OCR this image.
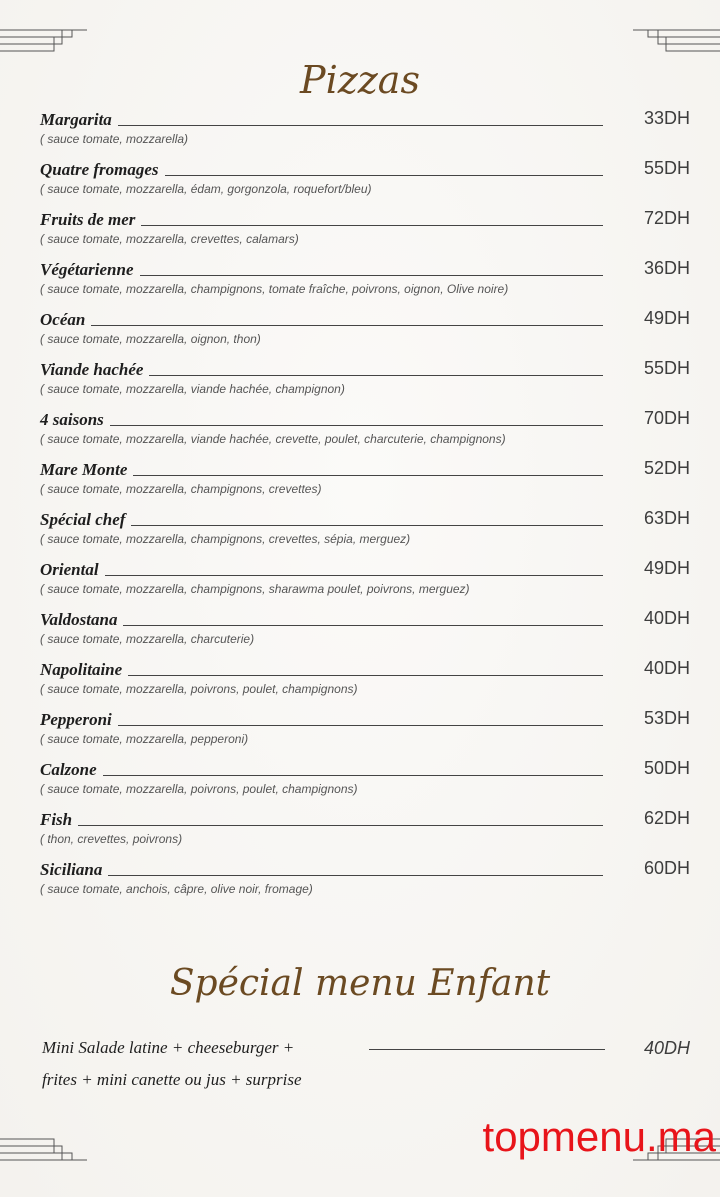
Pizzas
Margarita
( sauce tomate, mozzarella)
33DH
Quatre fromages
( sauce tomate, mozzarella, édam, gorgonzola, roquefort/bleu)
55DH
Fruits de mer
( sauce tomate, mozzarella, crevettes, calamars)
72DH
Végétarienne
( sauce tomate, mozzarella, champignons, tomate fraîche, poivrons, oignon, Olive noire)
36DH
Océan
( sauce tomate, mozzarella, oignon, thon)
49DH
Viande hachée
( sauce tomate, mozzarella, viande hachée, champignon)
55DH
4 saisons
( sauce tomate, mozzarella, viande hachée, crevette, poulet, charcuterie, champignons)
70DH
Mare Monte
( sauce tomate, mozzarella, champignons, crevettes)
52DH
Spécial chef
( sauce tomate, mozzarella, champignons, crevettes, sépia, merguez)
63DH
Oriental
( sauce tomate, mozzarella, champignons, sharawma poulet, poivrons, merguez)
49DH
Valdostana
( sauce tomate, mozzarella, charcuterie)
40DH
Napolitaine
( sauce tomate, mozzarella, poivrons, poulet, champignons)
40DH
Pepperoni
( sauce tomate, mozzarella, pepperoni)
53DH
Calzone
( sauce tomate, mozzarella, poivrons, poulet, champignons)
50DH
Fish
( thon, crevettes, poivrons)
62DH
Siciliana
( sauce tomate, anchois, câpre, olive noir, fromage)
60DH
Spécial menu Enfant
Mini Salade latine + cheeseburger +
frites + mini canette ou jus + surprise
40DH
topmenu.ma
